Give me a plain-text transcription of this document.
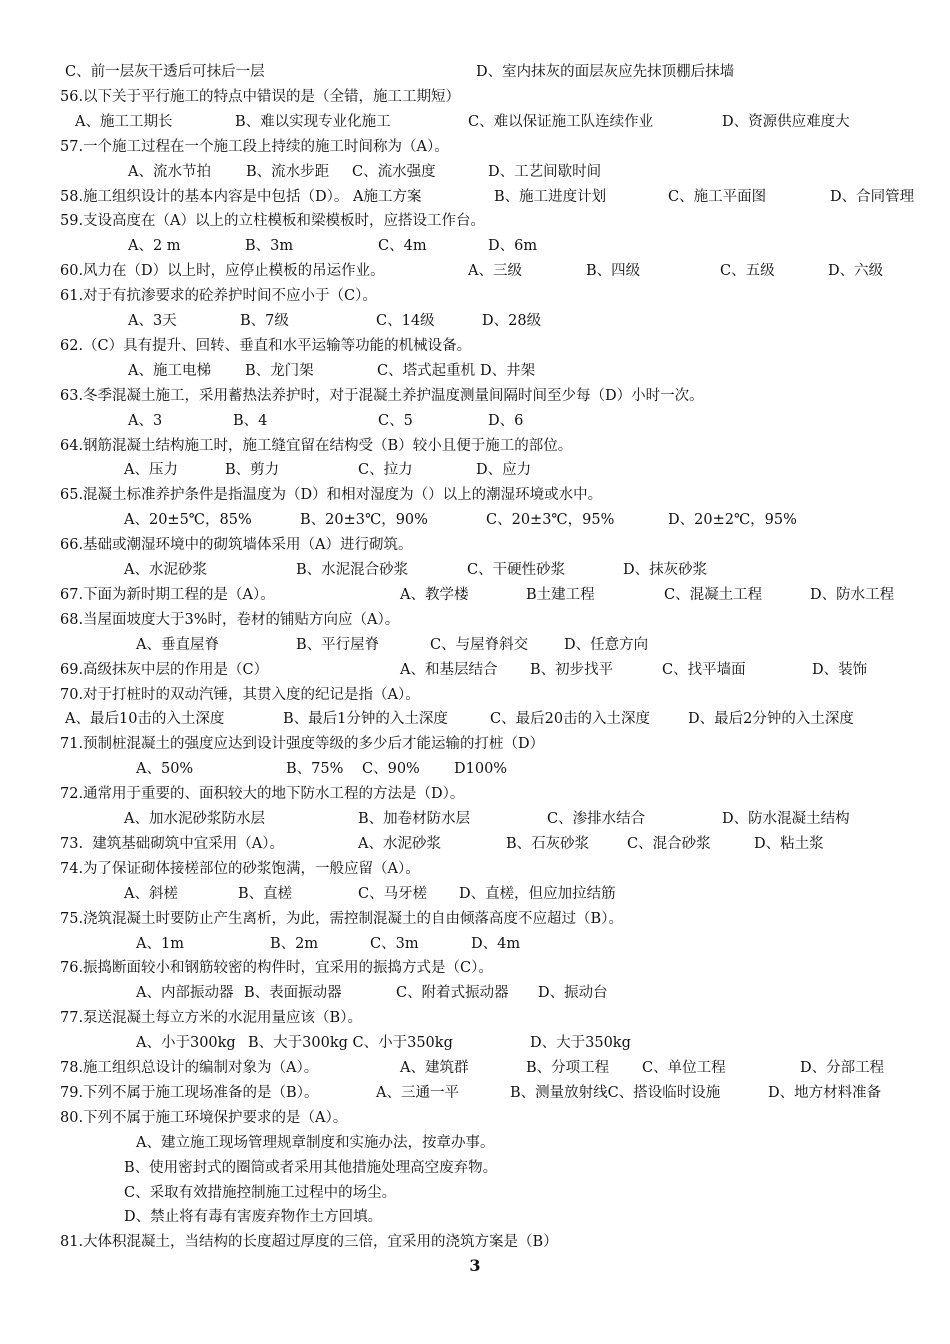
C、前一层灰干透后可抹后一层	D、室内抹灰的面层灰应先抹顶棚后抹墙
56.以下关于平行施工的特点中错误的是（全错，施工工期短）
A、施工工期长	B、难以实现专业化施工	C、难以保证施工队连续作业	D、资源供应难度大
57.一个施工过程在一个施工段上持续的施工时间称为（A）。
A、流水节拍 B、流水步距 C、流水强度	D、工艺间歇时间
58.施工组织设计的基本内容是中包括（D）。 A施工方案	B、施工进度计划	C、施工平面图	D、合同管理
59.支设高度在（A）以上的立柱模板和梁模板时，应搭设工作台。
A、2 m	B、3m	C、4m	D、6m
60.风力在（D）以上时，应停止模板的吊运作业。	A、三级	B、四级	C、五级	D、六级
61.对于有抗渗要求的砼养护时间不应小于（C）。
A、3天	B、7级	C、14级	D、28级
62.（C）具有提升、回转、垂直和水平运输等功能的机械设备。
A、施工电梯 B、龙门架	C、塔式起重机 D、井架
63.冬季混凝土施工，采用蓄热法养护时，对于混凝土养护温度测量间隔时间至少每（D）小时一次。
A、3	B、4	C、5	D、6
64.钢筋混凝土结构施工时，施工缝宜留在结构受（B）较小且便于施工的部位。
A、压力	B、剪力	C、拉力	D、应力
65.混凝土标准养护条件是指温度为（D）和相对湿度为（）以上的潮湿环境或水中。
A、20±5℃，85%	B、20±3℃，90%	C、20±3℃，95%	D、20±2℃，95%
66.基础或潮湿环境中的砌筑墙体采用（A）进行砌筑。
A、水泥砂浆	B、水泥混合砂浆	C、干硬性砂浆	D、抹灰砂浆
67.下面为新时期工程的是（A）。	A、教学楼	B土建工程	C、混凝土工程	D、防水工程
68.当屋面坡度大于3%时，卷材的铺贴方向应（A）。
A、垂直屋脊	B、平行屋脊	C、与屋脊斜交 D、任意方向
69.高级抹灰中层的作用是（C）	A、和基层结合 B、初步找平	C、找平墙面	D、装饰
70.对于打桩时的双动汽锤，其贯入度的纪记是指（A）。
A、最后10击的入土深度	B、最后1分钟的入土深度	C、最后20击的入土深度	D、最后2分钟的入土深度
71.预制桩混凝土的强度应达到设计强度等级的多少后才能运输的打桩（D）
A、50%	B、75% C、90% D100%
72.通常用于重要的、面积较大的地下防水工程的方法是（D）。
A、加水泥砂浆防水层	B、加卷材防水层	C、渗排水结合	D、防水混凝土结构
73.  建筑基础砌筑中宜采用（A）。	A、水泥砂浆	B、石灰砂浆	C、混合砂浆	D、粘土浆
74.为了保证砌体接槎部位的砂浆饱满，一般应留（A）。
A、斜槎	B、直槎	C、马牙槎 D、直槎，但应加拉结筋
75.浇筑混凝土时要防止产生离析，为此，需控制混凝土的自由倾落高度不应超过（B）。
A、1m	B、2m	C、3m	D、4m
76.振捣断面较小和钢筋较密的构件时，宜采用的振捣方式是（C）。
A、内部振动器 B、表面振动器	C、附着式振动器 D、振动台
77.泵送混凝土每立方米的水泥用量应该（B）。
A、小于300kg B、大于300kg C、小于350kg	D、大于350kg
78.施工组织总设计的编制对象为（A）。	A、建筑群	B、分项工程 C、单位工程	D、分部工程
79.下列不属于施工现场准备的是（B）。	A、三通一平	B、测量放射线C、搭设临时设施	D、地方材料准备
80.下列不属于施工环境保护要求的是（A）。
A、建立施工现场管理规章制度和实施办法，按章办事。
B、使用密封式的圈筒或者采用其他措施处理高空废弃物。
C、采取有效措施控制施工过程中的场尘。
D、禁止将有毒有害废弃物作土方回填。
81.大体积混凝土，当结构的长度超过厚度的三倍，宜采用的浇筑方案是（B）
3
